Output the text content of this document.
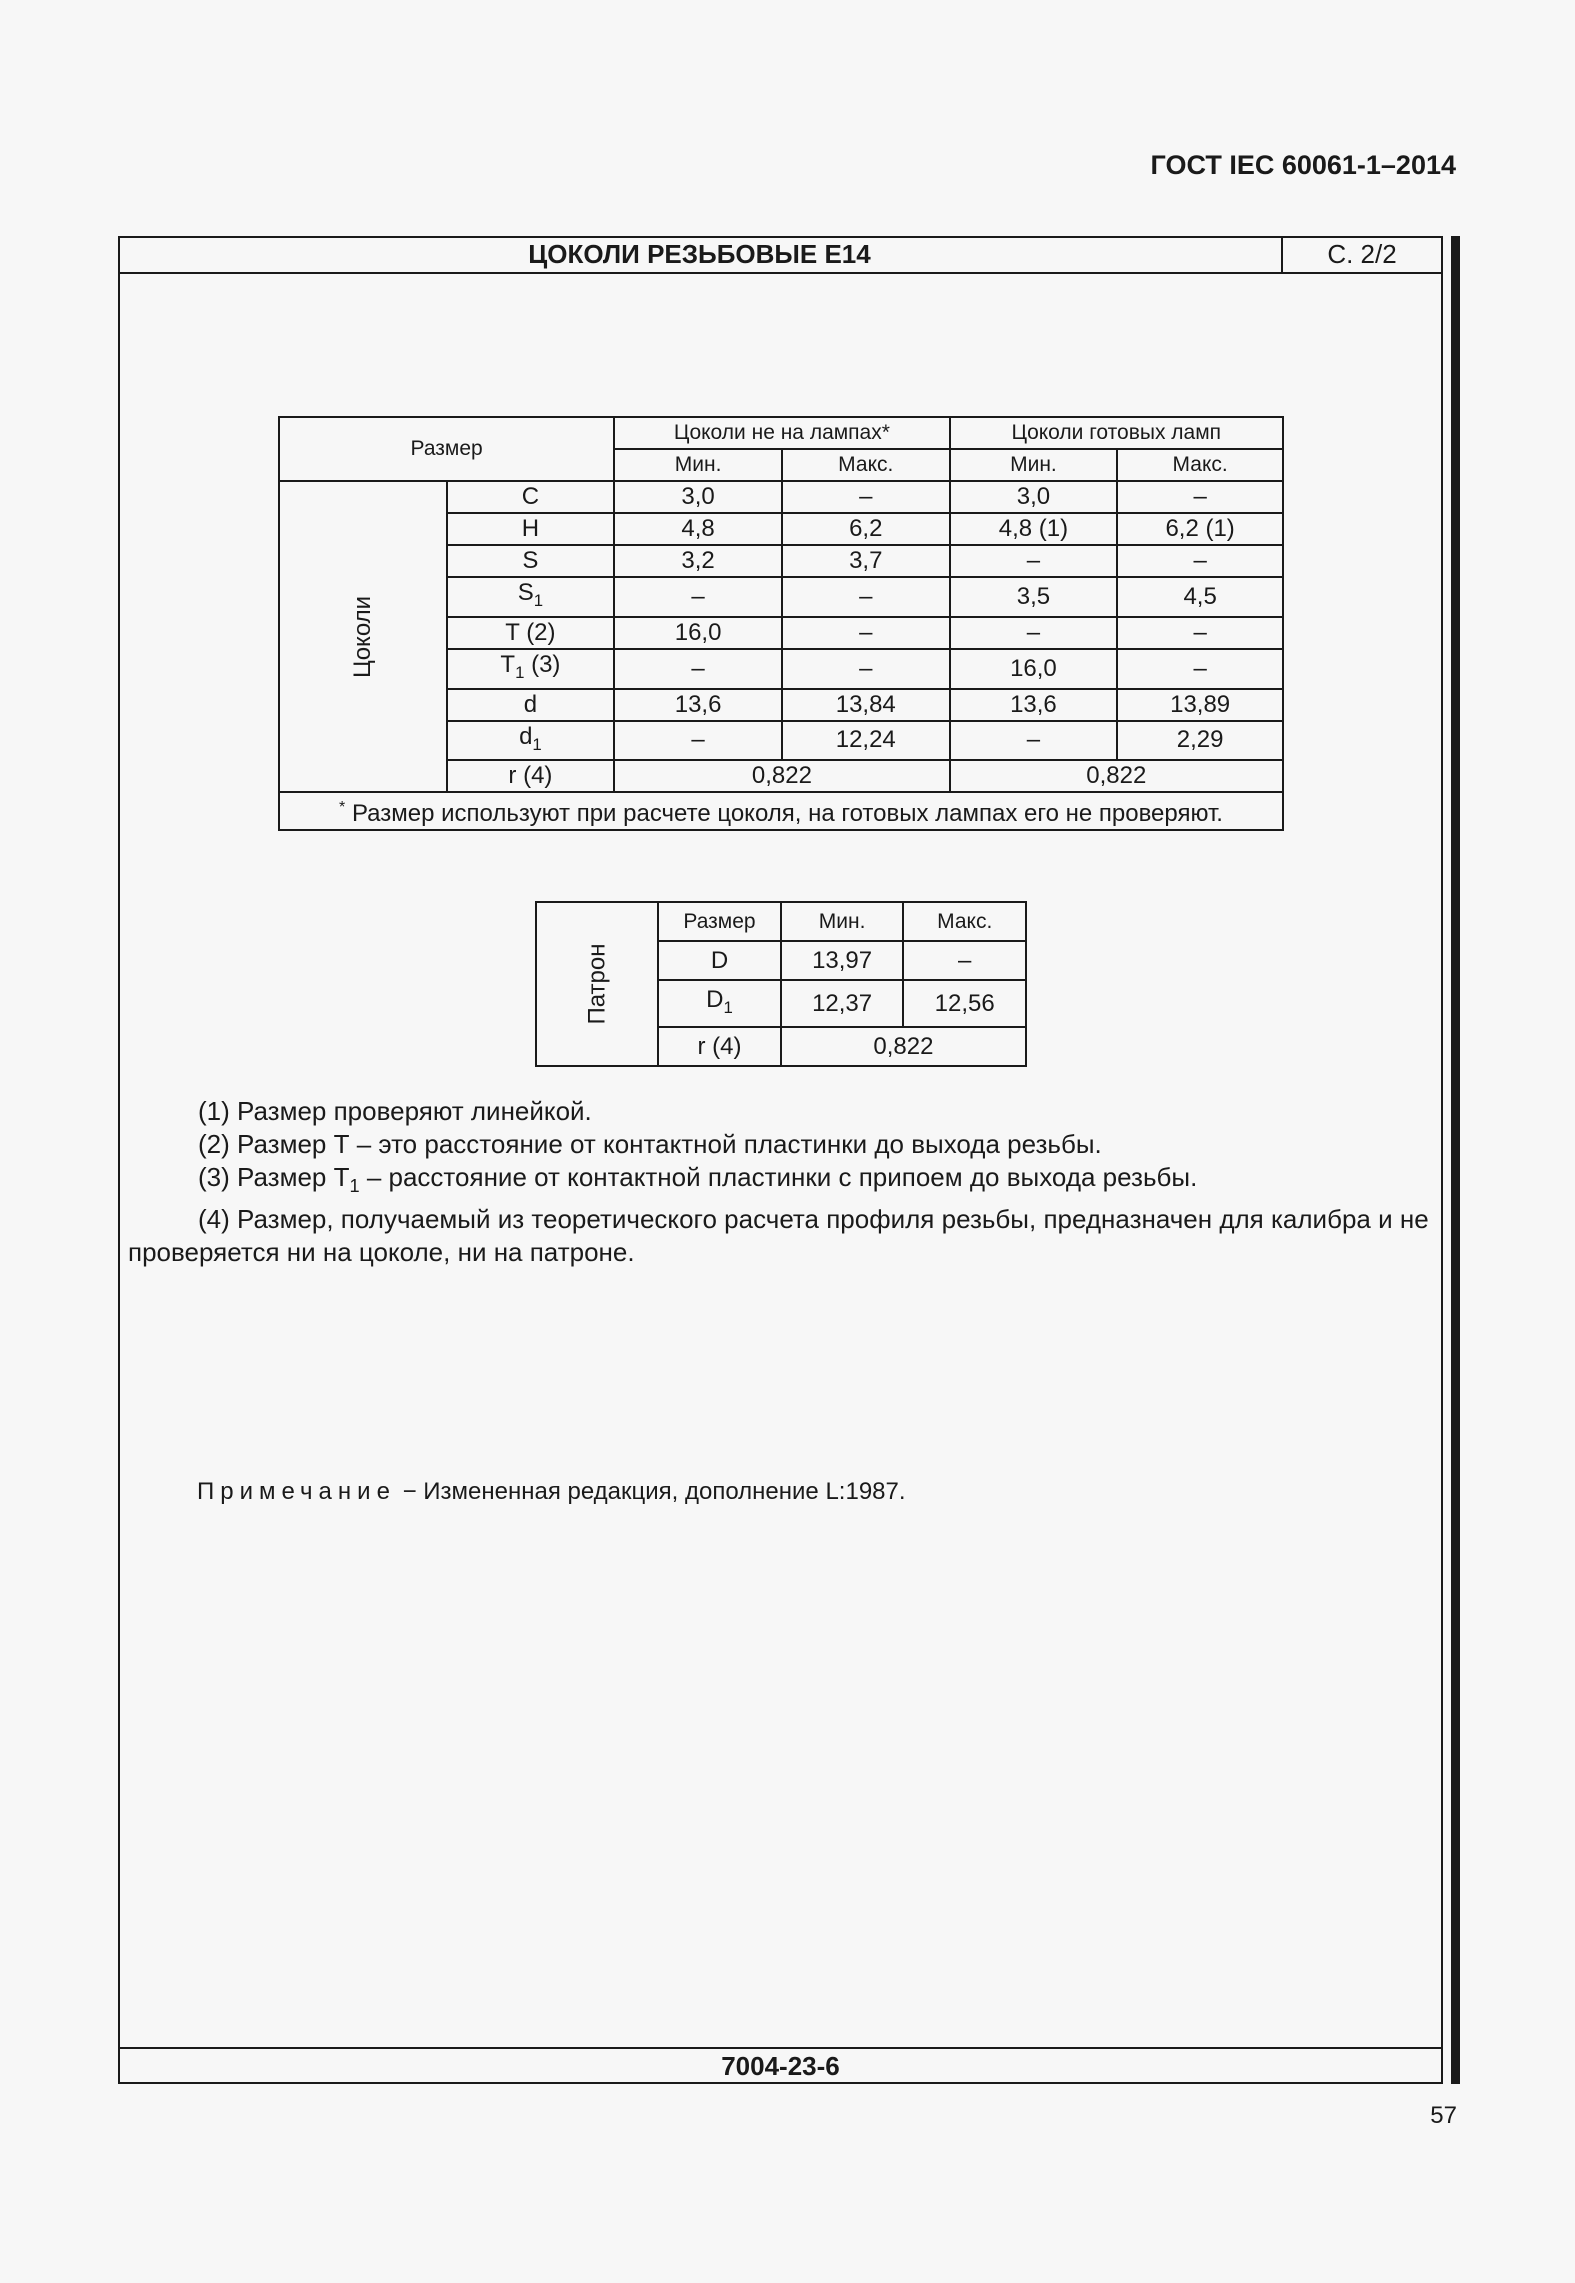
ГОСТ IEC 60061-1–2014
ЦОКОЛИ РЕЗЬБОВЫЕ Е14	С. 2/2
Размер		Цоколи не на лампах*		Цоколи готовых ламп	
		Мин.	Макс.	Мин.	Макс.

Цоколи	C	3,0	–	3,0	–
	H	4,8	6,2	4,8 (1)	6,2 (1)
	S	3,2	3,7	–	–
	$S_1$	–	–	3,5	4,5
	T (2)	16,0	–	–	–
	$T_1$ (3)	–	–	16,0	–
	d	13,6	13,84	13,6	13,89
	$d_1$	–	12,24	–	2,29
	r (4)	0,822		0,822	
* Размер используют при расчете цоколя, на готовых лампах его не проверяют.					
Патрон	Размер	Мин.	Макс.
	D	13,97	–
	$D_1$	12,37	12,56
	r (4)	0,822	

(1) Размер проверяют линейкой.

(2) Размер Т – это расстояние от контактной пластинки до выхода резьбы.

(3) Размер $Т_1$ – расстояние от контактной пластинки с припоем до выхода резьбы.

(4) Размер, получаемый из теоретического расчета профиля резьбы, предназначен для калибра и не проверяется ни на цоколе, ни на патроне.

Примечание − Измененная редакция, дополнение L:1987.
7004-23-6
57
